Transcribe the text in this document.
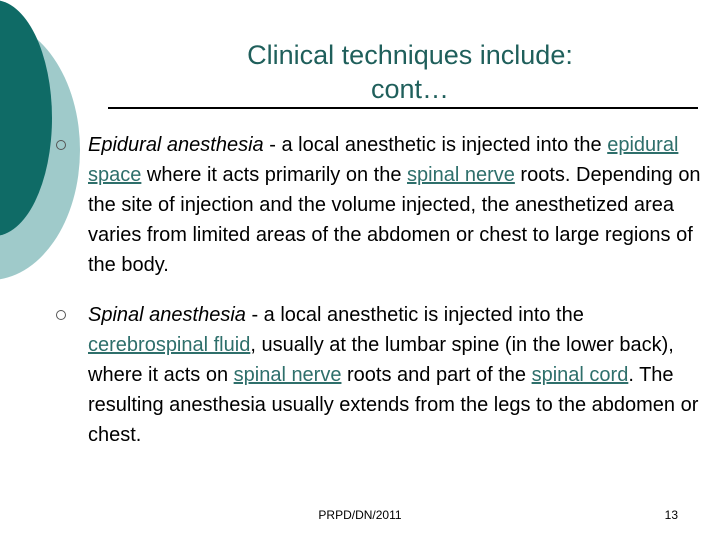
Clinical techniques include:
cont…
Epidural anesthesia - a local anesthetic is injected into the epidural space where it acts primarily on the spinal nerve roots. Depending on the site of injection and the volume injected, the anesthetized area varies from limited areas of the abdomen or chest to large regions of the body.
Spinal anesthesia - a local anesthetic is injected into the cerebrospinal fluid, usually at the lumbar spine (in the lower back), where it acts on spinal nerve roots and part of the spinal cord. The resulting anesthesia usually extends from the legs to the abdomen or chest.
PRPD/DN/2011	13
